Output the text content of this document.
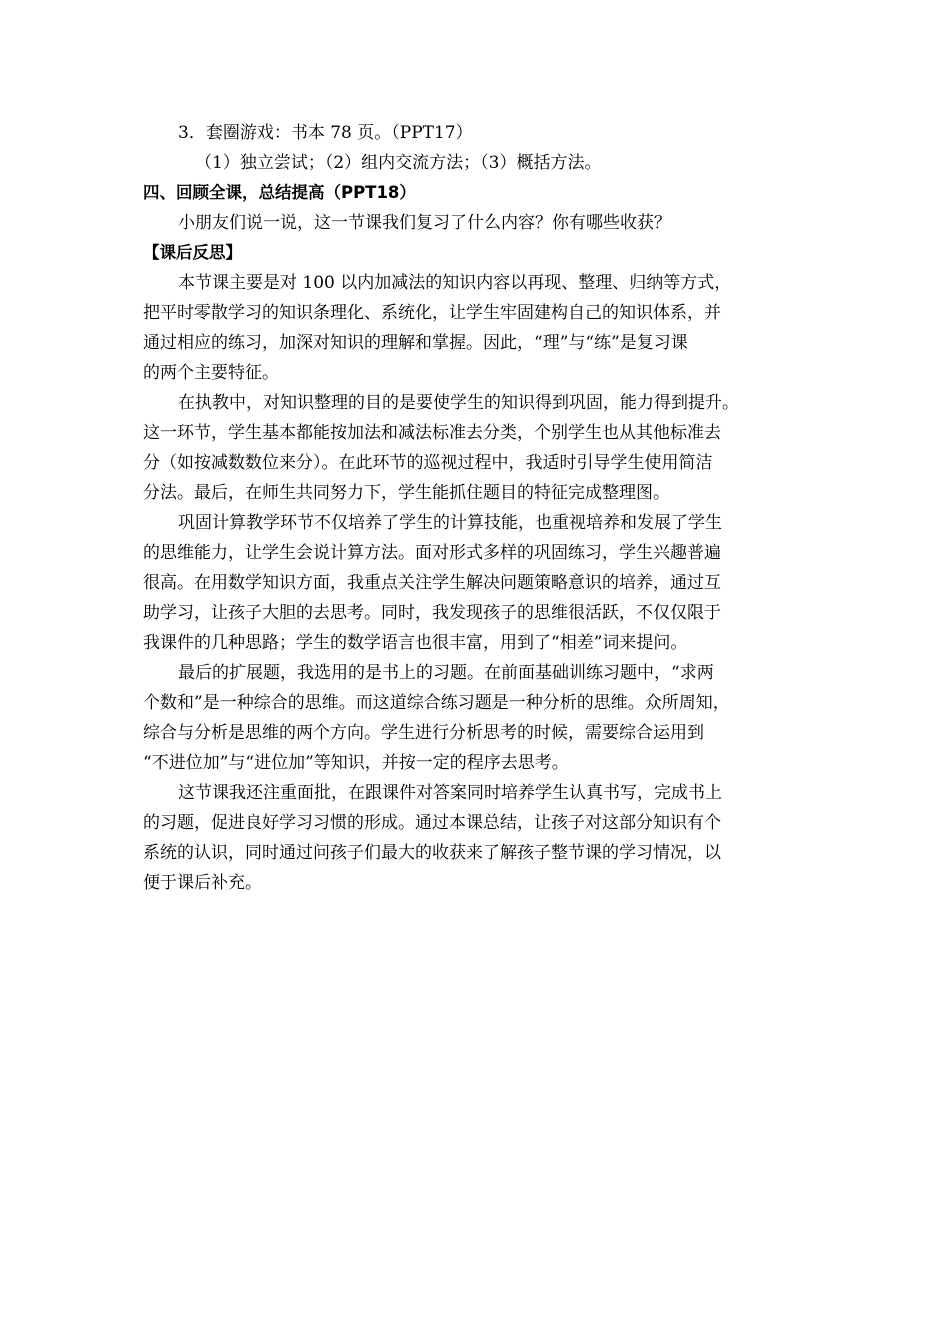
3．套圈游戏：书本 78 页。（PPT17）
（1）独立尝试；（2）组内交流方法；（3）概括方法。
四、回顾全课，总结提高（PPT18）
小朋友们说一说，这一节课我们复习了什么内容？你有哪些收获？
【课后反思】
本节课主要是对 100 以内加减法的知识内容以再现、整理、归纳等方式，
把平时零散学习的知识条理化、系统化，让学生牢固建构自己的知识体系，并
通过相应的练习，加深对知识的理解和掌握。因此，“理”与“练”是复习课
的两个主要特征。
在执教中，对知识整理的目的是要使学生的知识得到巩固，能力得到提升。
这一环节，学生基本都能按加法和减法标准去分类，个别学生也从其他标准去
分（如按减数数位来分）。在此环节的巡视过程中，我适时引导学生使用简洁
分法。最后，在师生共同努力下，学生能抓住题目的特征完成整理图。
巩固计算教学环节不仅培养了学生的计算技能，也重视培养和发展了学生
的思维能力，让学生会说计算方法。面对形式多样的巩固练习，学生兴趣普遍
很高。在用数学知识方面，我重点关注学生解决问题策略意识的培养，通过互
助学习，让孩子大胆的去思考。同时，我发现孩子的思维很活跃，不仅仅限于
我课件的几种思路；学生的数学语言也很丰富，用到了“相差”词来提问。
最后的扩展题，我选用的是书上的习题。在前面基础训练习题中，“求两
个数和”是一种综合的思维。而这道综合练习题是一种分析的思维。众所周知，
综合与分析是思维的两个方向。学生进行分析思考的时候，需要综合运用到
“不进位加”与“进位加”等知识，并按一定的程序去思考。
这节课我还注重面批，在跟课件对答案同时培养学生认真书写，完成书上
的习题，促进良好学习习惯的形成。通过本课总结，让孩子对这部分知识有个
系统的认识，同时通过问孩子们最大的收获来了解孩子整节课的学习情况，以
便于课后补充。
